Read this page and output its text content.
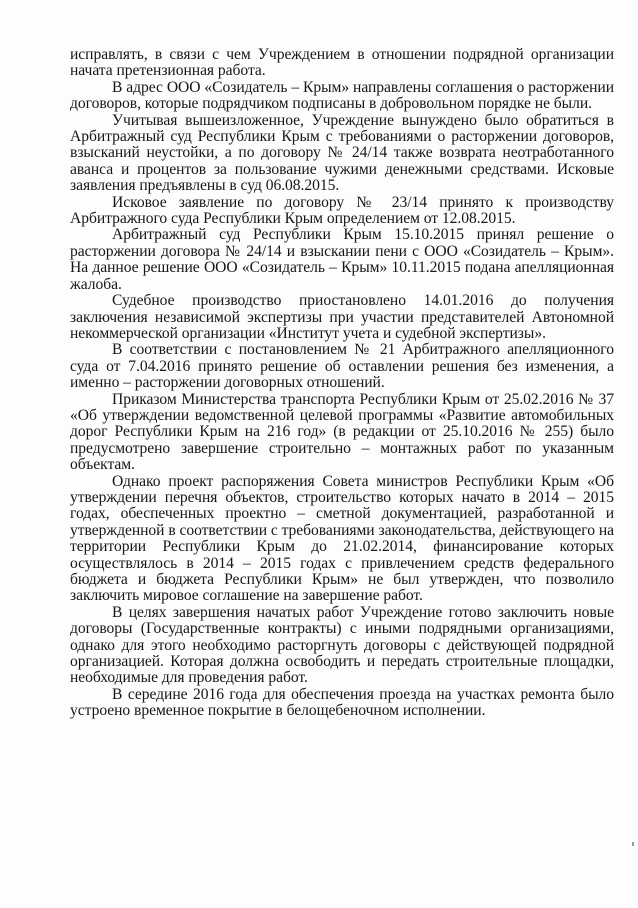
исправлять, в связи с чем Учреждением в отношении подрядной организации начата претензионная работа.

В адрес ООО «Созидатель – Крым» направлены соглашения о расторжении договоров, которые подрядчиком подписаны в добровольном порядке не были.

Учитывая вышеизложенное, Учреждение вынуждено было обратиться в Арбитражный суд Республики Крым с требованиями о расторжении договоров, взысканий неустойки, а по договору № 24/14 также возврата неотработанного аванса и процентов за пользование чужими денежными средствами. Исковые заявления предъявлены в суд 06.08.2015.

Исковое заявление по договору № 23/14 принято к производству Арбитражного суда Республики Крым определением от 12.08.2015.

Арбитражный суд Республики Крым 15.10.2015 принял решение о расторжении договора № 24/14 и взыскании пени с ООО «Созидатель – Крым». На данное решение ООО «Созидатель – Крым» 10.11.2015 подана апелляционная жалоба.

Судебное производство приостановлено 14.01.2016 до получения заключения независимой экспертизы при участии представителей Автономной некоммерческой организации «Институт учета и судебной экспертизы».

В соответствии с постановлением № 21 Арбитражного апелляционного суда от 7.04.2016 принято решение об оставлении решения без изменения, а именно – расторжении договорных отношений.

Приказом Министерства транспорта Республики Крым от 25.02.2016 № 37 «Об утверждении ведомственной целевой программы «Развитие автомобильных дорог Республики Крым на 216 год» (в редакции от 25.10.2016 № 255) было предусмотрено завершение строительно – монтажных работ по указанным объектам.

Однако проект распоряжения Совета министров Республики Крым «Об утверждении перечня объектов, строительство которых начато в 2014 – 2015 годах, обеспеченных проектно – сметной документацией, разработанной и утвержденной в соответствии с требованиями законодательства, действующего на территории Республики Крым до 21.02.2014, финансирование которых осуществлялось в 2014 – 2015 годах с привлечением средств федерального бюджета и бюджета Республики Крым» не был утвержден, что позволило заключить мировое соглашение на завершение работ.

В целях завершения начатых работ Учреждение готово заключить новые договоры (Государственные контракты) с иными подрядными организациями, однако для этого необходимо расторгнуть договоры с действующей подрядной организацией. Которая должна освободить и передать строительные площадки, необходимые для проведения работ.

В середине 2016 года для обеспечения проезда на участках ремонта было устроено временное покрытие в белощебеночном исполнении.
